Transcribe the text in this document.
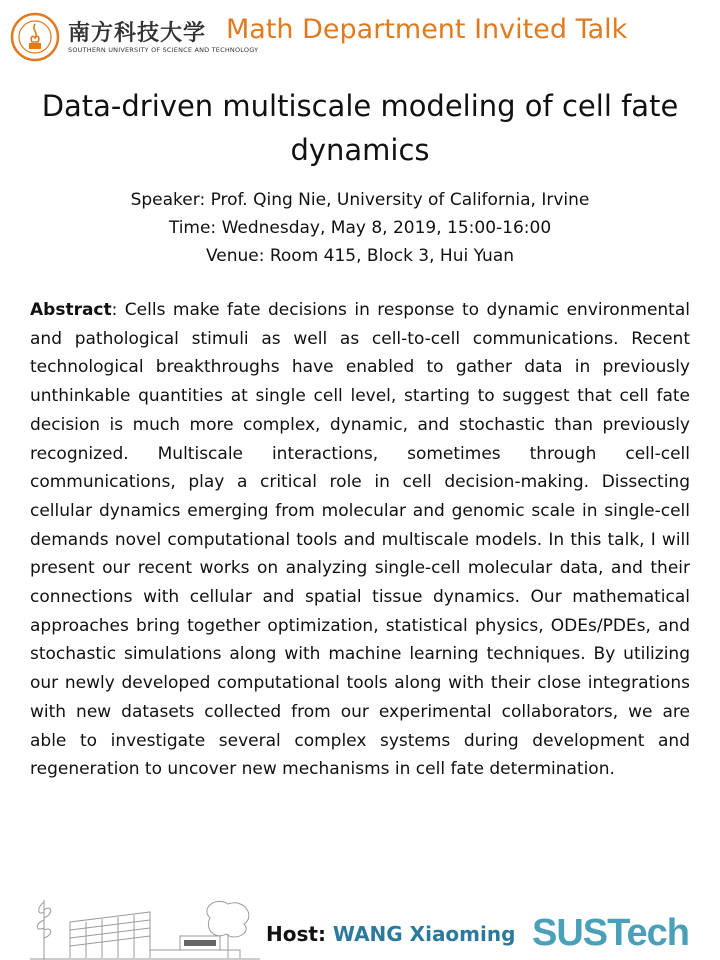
南方科技大学
SOUTHERN UNIVERSITY OF SCIENCE AND TECHNOLOGY
Math Department Invited Talk
Data-driven multiscale modeling of cell fate dynamics
Speaker: Prof. Qing Nie, University of California, Irvine
Time: Wednesday, May 8, 2019, 15:00-16:00
Venue: Room 415, Block 3, Hui Yuan
Abstract: Cells make fate decisions in response to dynamic environmental and pathological stimuli as well as cell-to-cell communications. Recent technological breakthroughs have enabled to gather data in previously unthinkable quantities at single cell level, starting to suggest that cell fate decision is much more complex, dynamic, and stochastic than previously recognized. Multiscale interactions, sometimes through cell-cell communications, play a critical role in cell decision-making. Dissecting cellular dynamics emerging from molecular and genomic scale in single-cell demands novel computational tools and multiscale models. In this talk, I will present our recent works on analyzing single-cell molecular data, and their connections with cellular and spatial tissue dynamics. Our mathematical approaches bring together optimization, statistical physics, ODEs/PDEs, and stochastic simulations along with machine learning techniques. By utilizing our newly developed computational tools along with their close integrations with new datasets collected from our experimental collaborators, we are able to investigate several complex systems during development and regeneration to uncover new mechanisms in cell fate determination.
Host: WANG Xiaoming SUSTech
